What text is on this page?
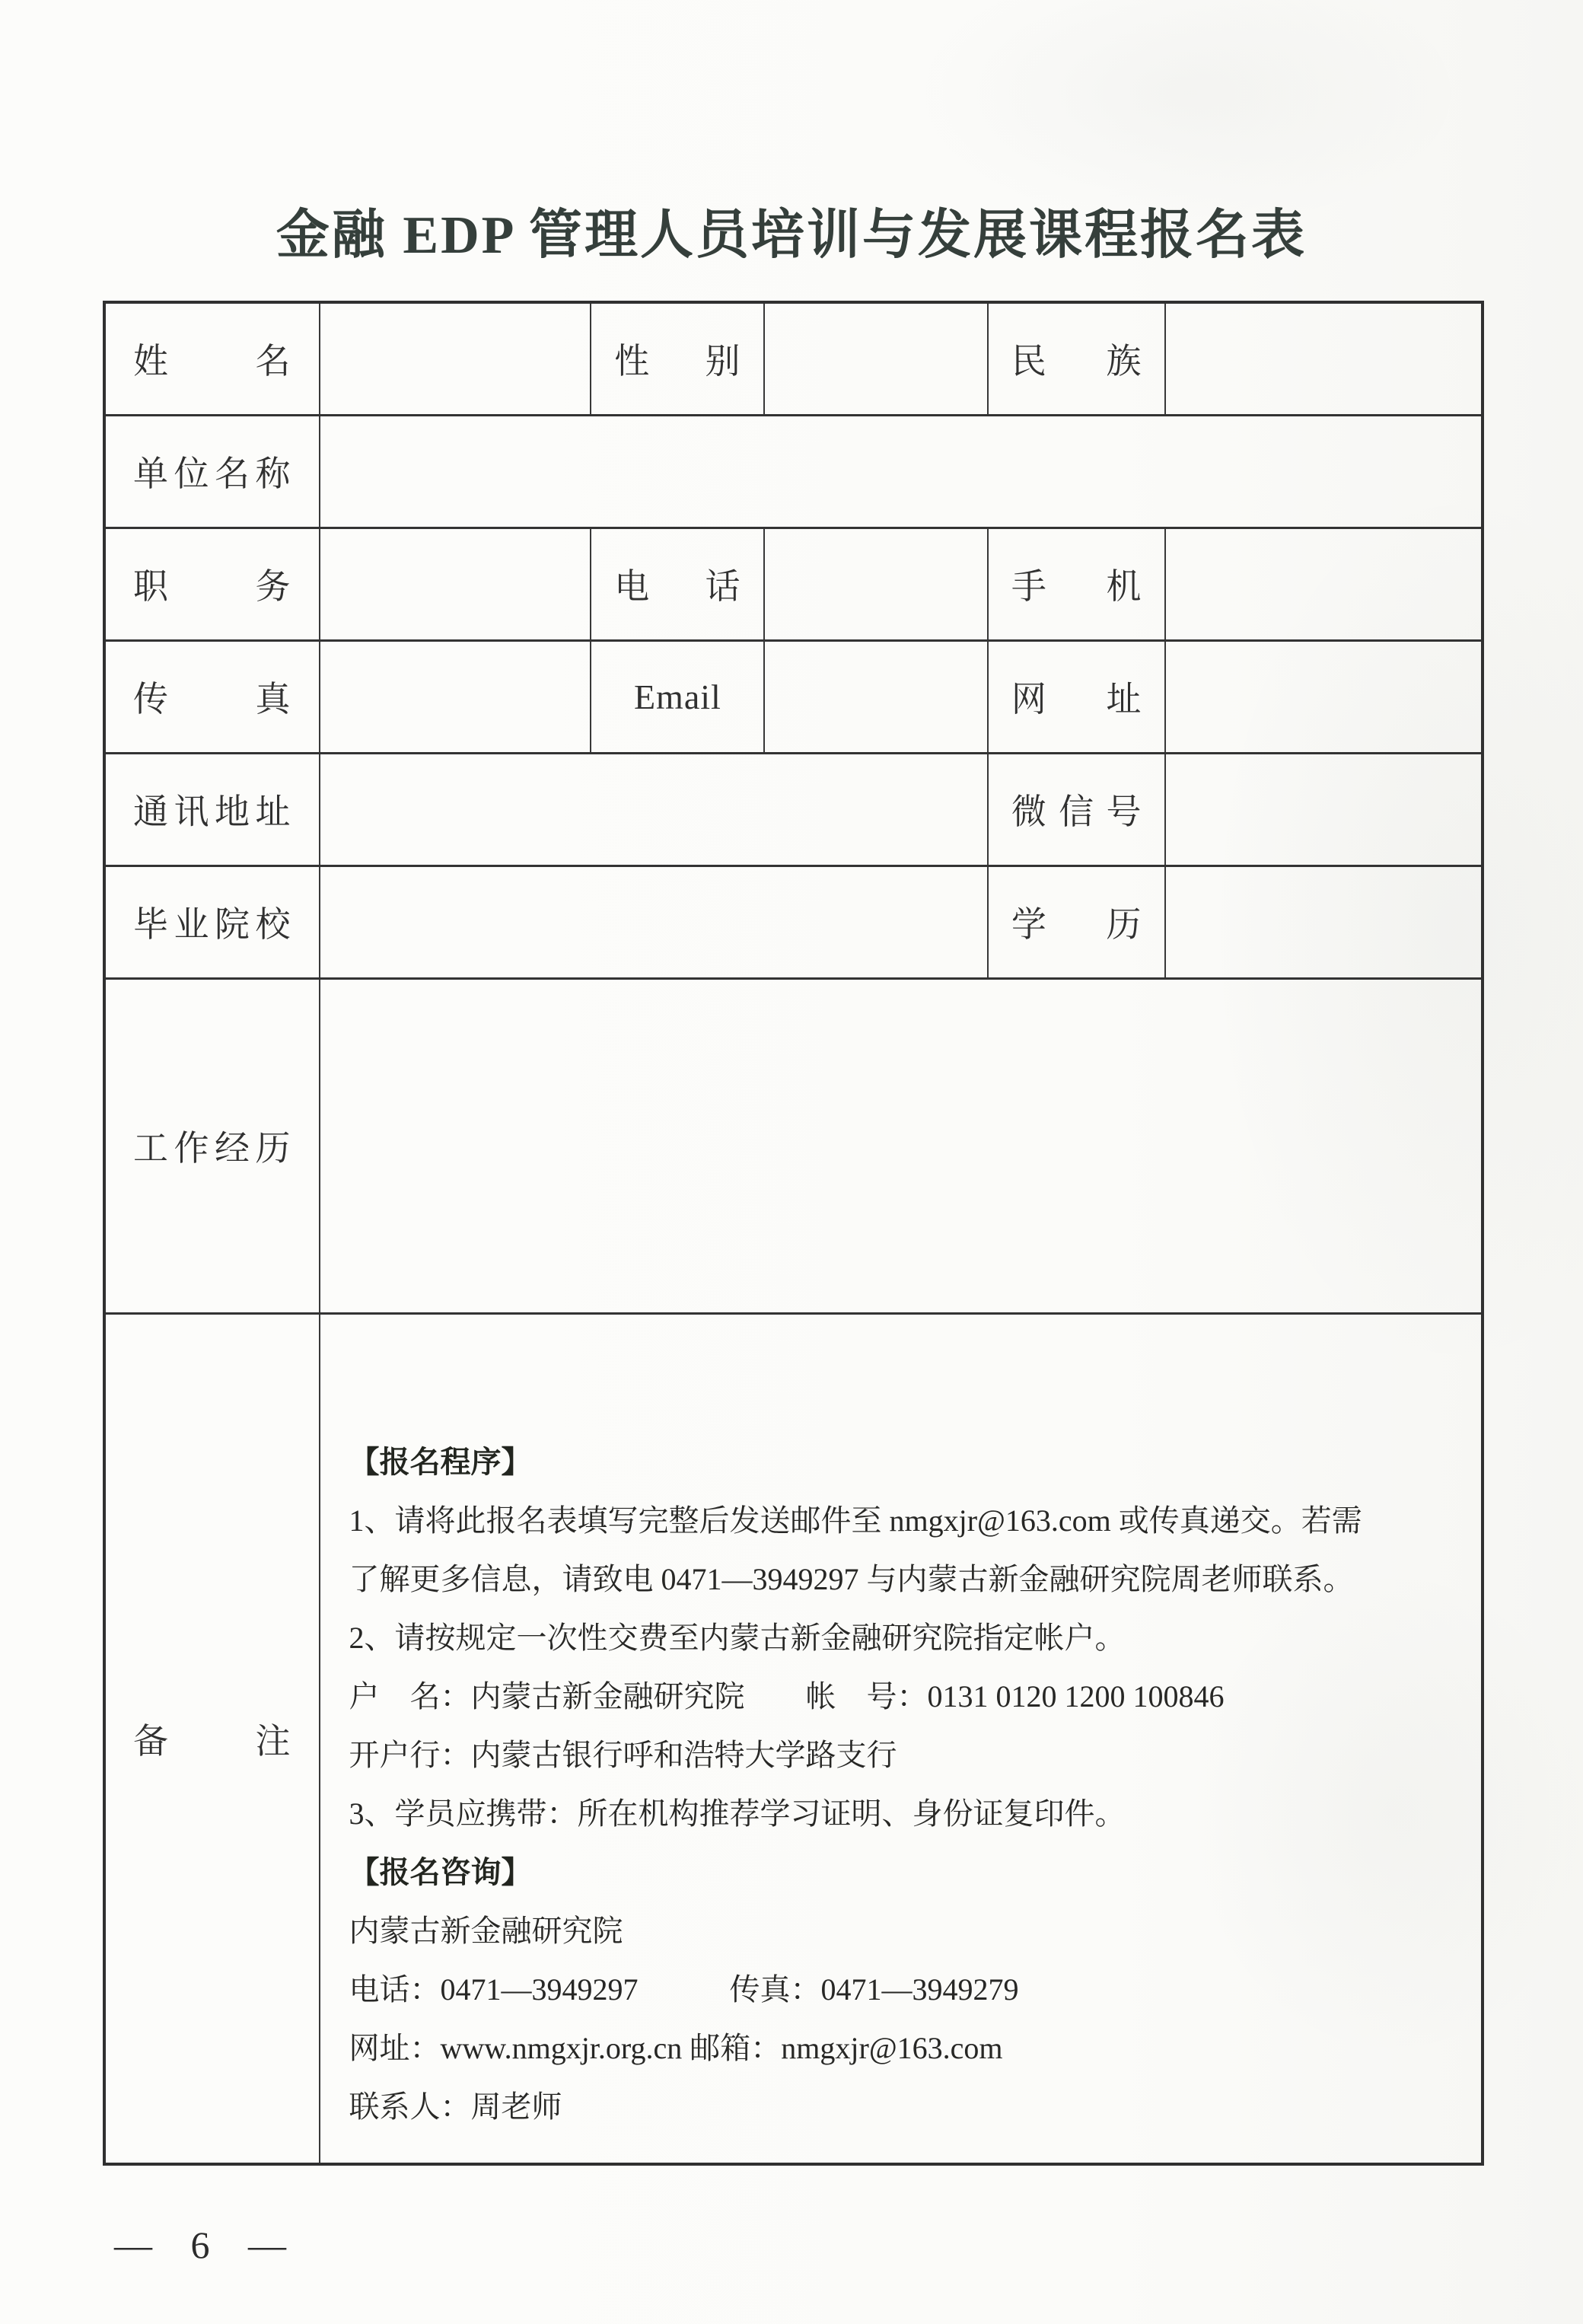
金融 EDP 管理人员培训与发展课程报名表
姓名		性别		民族	
单位名称					
职务		电话		手机	
传真		Email		网址	
通讯地址				微信号	
毕业院校				学历	
工作经历					
备注	
【报名程序】
1、请将此报名表填写完整后发送邮件至 nmgxjr@163.com 或传真递交。若需
了解更多信息，请致电 0471—3949297 与内蒙古新金融研究院周老师联系。
2、请按规定一次性交费至内蒙古新金融研究院指定帐户。
户　名：内蒙古新金融研究院　　帐　号：0131 0120 1200 100846
开户行：内蒙古银行呼和浩特大学路支行
3、学员应携带：所在机构推荐学习证明、身份证复印件。
【报名咨询】
内蒙古新金融研究院
电话：0471—3949297　　　传真：0471—3949279
网址：www.nmgxjr.org.cn 邮箱：nmgxjr@163.com
联系人：周老师
— 6 —
